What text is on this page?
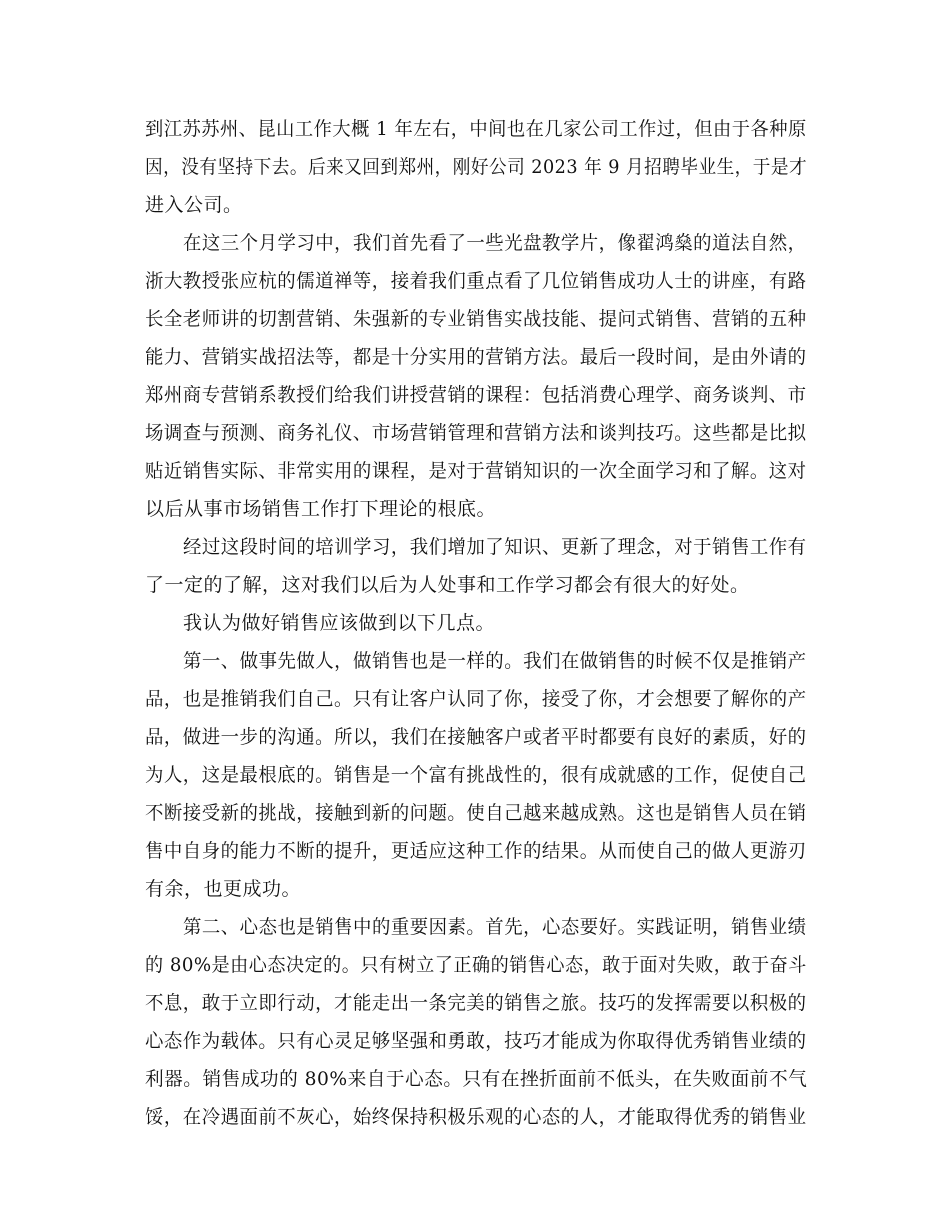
到江苏苏州、昆山工作大概 1 年左右，中间也在几家公司工作过，但由于各种原

因，没有坚持下去。后来又回到郑州，刚好公司 2023 年 9 月招聘毕业生，于是才

进入公司。

在这三个月学习中，我们首先看了一些光盘教学片，像翟鸿燊的道法自然，

浙大教授张应杭的儒道禅等，接着我们重点看了几位销售成功人士的讲座，有路

长全老师讲的切割营销、朱强新的专业销售实战技能、提问式销售、营销的五种

能力、营销实战招法等，都是十分实用的营销方法。最后一段时间，是由外请的

郑州商专营销系教授们给我们讲授营销的课程：包括消费心理学、商务谈判、市

场调查与预测、商务礼仪、市场营销管理和营销方法和谈判技巧。这些都是比拟

贴近销售实际、非常实用的课程，是对于营销知识的一次全面学习和了解。这对

以后从事市场销售工作打下理论的根底。

经过这段时间的培训学习，我们增加了知识、更新了理念，对于销售工作有

了一定的了解，这对我们以后为人处事和工作学习都会有很大的好处。

我认为做好销售应该做到以下几点。

第一、做事先做人，做销售也是一样的。我们在做销售的时候不仅是推销产

品，也是推销我们自己。只有让客户认同了你，接受了你，才会想要了解你的产

品，做进一步的沟通。所以，我们在接触客户或者平时都要有良好的素质，好的

为人，这是最根底的。销售是一个富有挑战性的，很有成就感的工作，促使自己

不断接受新的挑战，接触到新的问题。使自己越来越成熟。这也是销售人员在销

售中自身的能力不断的提升，更适应这种工作的结果。从而使自己的做人更游刃

有余，也更成功。

第二、心态也是销售中的重要因素。首先，心态要好。实践证明，销售业绩

的 80%是由心态决定的。只有树立了正确的销售心态，敢于面对失败，敢于奋斗

不息，敢于立即行动，才能走出一条完美的销售之旅。技巧的发挥需要以积极的

心态作为载体。只有心灵足够坚强和勇敢，技巧才能成为你取得优秀销售业绩的

利器。销售成功的 80%来自于心态。只有在挫折面前不低头，在失败面前不气

馁，在冷遇面前不灰心，始终保持积极乐观的心态的人，才能取得优秀的销售业
